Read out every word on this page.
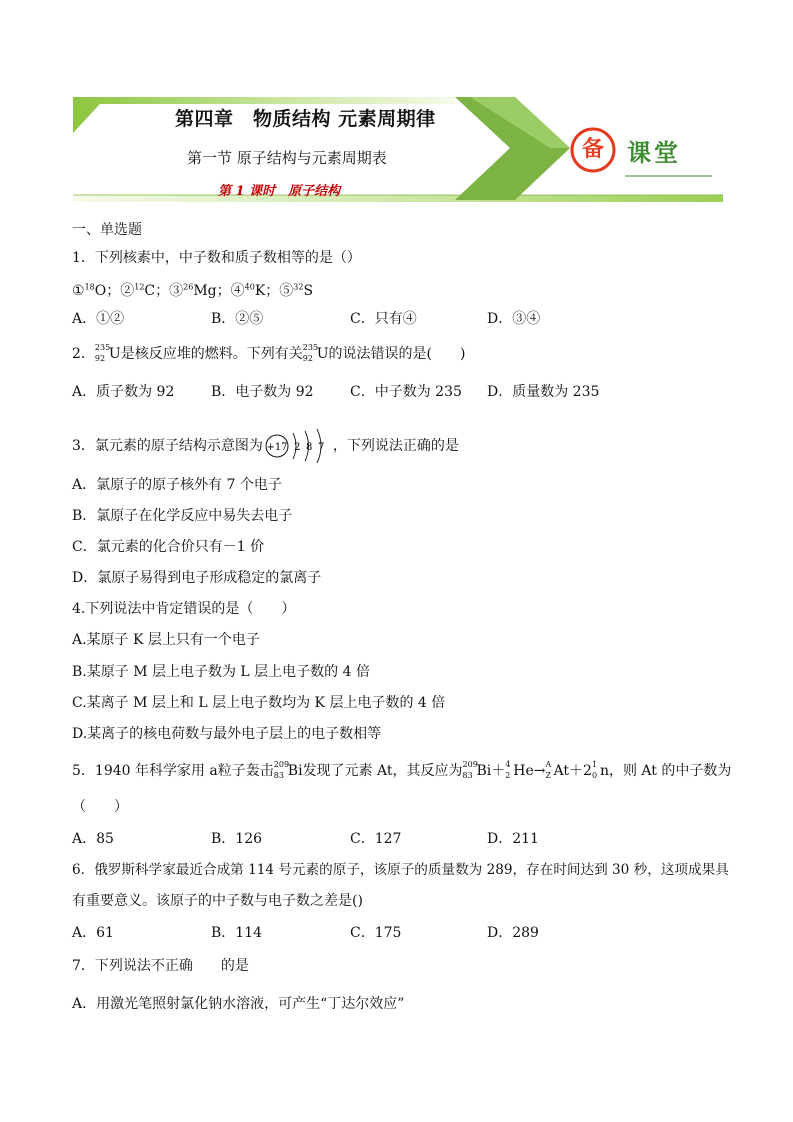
第四章　物质结构 元素周期律
第一节 原子结构与元素周期表
第 1 课时　原子结构
备 课堂
一、单选题
1．下列核素中，中子数和质子数相等的是（）
①$^{18}$O；②$^{12}$C；③$^{26}$Mg；④$^{40}$K；⑤$^{32}$S
A．①②	B．②⑤	C．只有④	D．③④
2． 235
92 U是核反应堆的燃料。下列有关 235
92 U的说法错误的是(　　)
A．质子数为 92	B．电子数为 92	C．中子数为 235 D．质量数为 235
3．氯元素的原子结构示意图为 +17 2 8 7 ，下列说法正确的是
A．氯原子的原子核外有 7 个电子
B．氯原子在化学反应中易失去电子
C．氯元素的化合价只有－1 价
D．氯原子易得到电子形成稳定的氯离子
4.下列说法中肯定错误的是（　　）
A.某原子 K 层上只有一个电子
B.某原子 M 层上电子数为 L 层上电子数的 4 倍
C.某离子 M 层上和 L 层上电子数均为 K 层上电子数的 4 倍
D.某离子的核电荷数与最外电子层上的电子数相等
5．1940 年科学家用 a粒子轰击 209
83 Bi发现了元素 At，其反应为 209
83 Bi＋ 4
2 He→ A
Z At＋2 1
0 n，则 At 的中子数为
（　　）
A．85	B．126	C．127	D．211
6．俄罗斯科学家最近合成第 114 号元素的原子，该原子的质量数为 289，存在时间达到 30 秒，这项成果具
有重要意义。该原子的中子数与电子数之差是()
A．61	B．114	C．175	D．289
7．下列说法不正确　　的是
A．用激光笔照射氯化钠水溶液，可产生“丁达尔效应”
